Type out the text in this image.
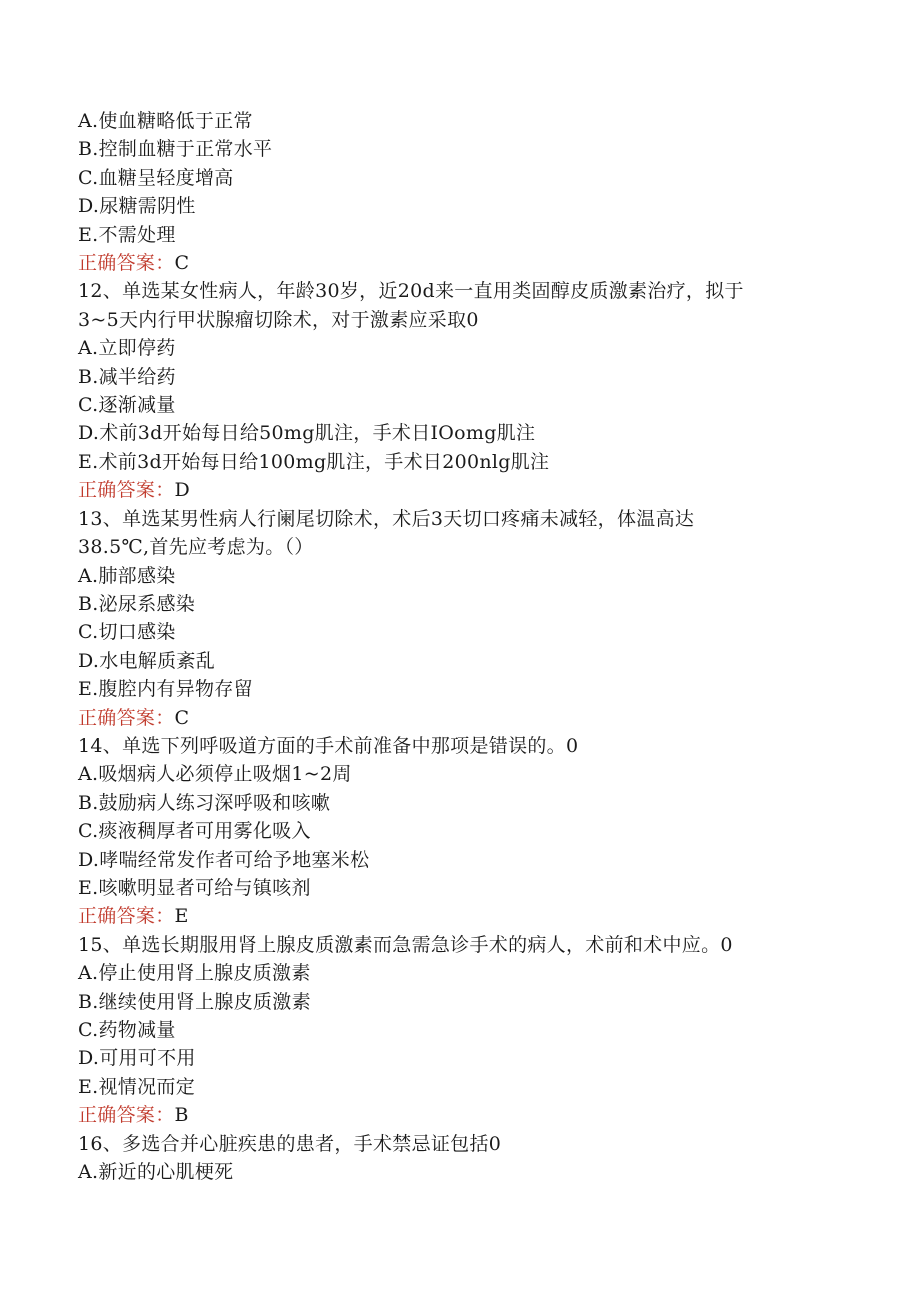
A.使血糖略低于正常
B.控制血糖于正常水平
C.血糖呈轻度增高
D.尿糖需阴性
E.不需处理
正确答案：C
12、单选某女性病人，年龄30岁，近20d来一直用类固醇皮质激素治疗，拟于
3~5天内行甲状腺瘤切除术，对于激素应采取0
A.立即停药
B.减半给药
C.逐渐减量
D.术前3d开始每日给50mg肌注，手术日IOomg肌注
E.术前3d开始每日给100mg肌注，手术日200nlg肌注
正确答案：D
13、单选某男性病人行阑尾切除术，术后3天切口疼痛未减轻，体温高达
38.5℃,首先应考虑为。（）
A.肺部感染
B.泌尿系感染
C.切口感染
D.水电解质紊乱
E.腹腔内有异物存留
正确答案：C
14、单选下列呼吸道方面的手术前准备中那项是错误的。0
A.吸烟病人必须停止吸烟1~2周
B.鼓励病人练习深呼吸和咳嗽
C.痰液稠厚者可用雾化吸入
D.哮喘经常发作者可给予地塞米松
E.咳嗽明显者可给与镇咳剂
正确答案：E
15、单选长期服用肾上腺皮质激素而急需急诊手术的病人，术前和术中应。0
A.停止使用肾上腺皮质激素
B.继续使用肾上腺皮质激素
C.药物减量
D.可用可不用
E.视情况而定
正确答案：B
16、多选合并心脏疾患的患者，手术禁忌证包括0
A.新近的心肌梗死
